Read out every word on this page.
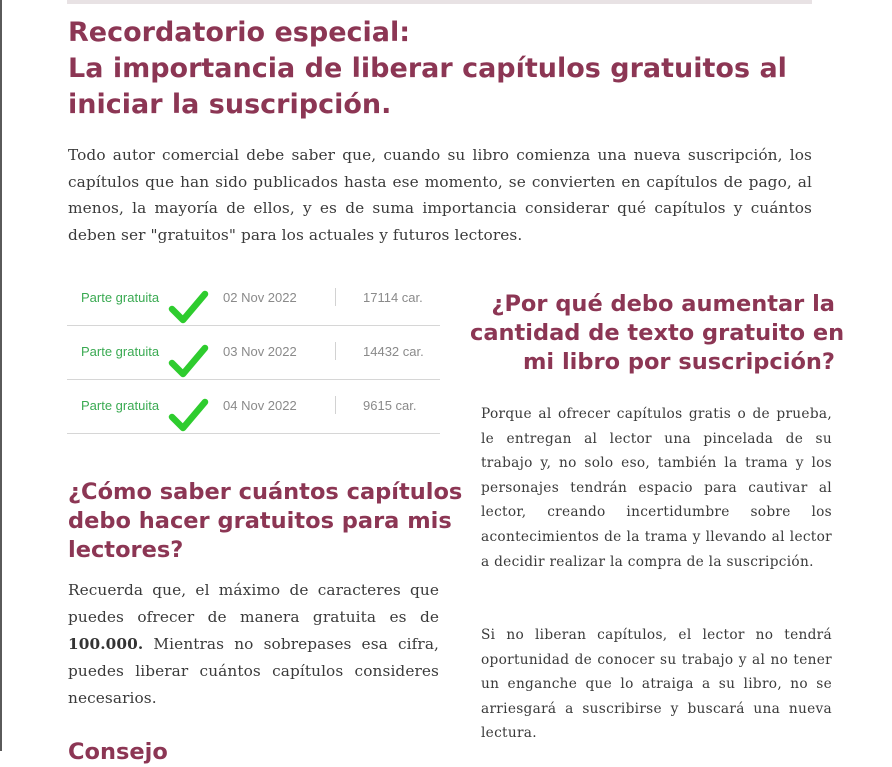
Recordatorio especial:
La importancia de liberar capítulos gratuitos al
iniciar la suscripción.

Todo autor comercial debe saber que, cuando su libro comienza una nueva suscripción, los capítulos que han sido publicados hasta ese momento, se convierten en capítulos de pago, al menos, la mayoría de ellos, y es de suma importancia considerar qué capítulos y cuántos deben ser "gratuitos" para los actuales y futuros lectores.

Parte gratuita	02 Nov 2022	17114 car.
Parte gratuita	03 Nov 2022	14432 car.
Parte gratuita	04 Nov 2022	9615 car.
¿Cómo saber cuántos capítulos
debo hacer gratuitos para mis
lectores?

Recuerda que, el máximo de caracteres que puedes ofrecer de manera gratuita es de 100.000. Mientras no sobrepases esa cifra, puedes liberar cuántos capítulos consideres necesarios.

¿Por qué debo aumentar la
cantidad de texto gratuito en
mi libro por suscripción?

Porque al ofrecer capítulos gratis o de prueba, le entregan al lector una pincelada de su trabajo y, no solo eso, también la trama y los personajes tendrán espacio para cautivar al lector, creando incertidumbre sobre los acontecimientos de la trama y llevando al lector a decidir realizar la compra de la suscripción.

Si no liberan capítulos, el lector no tendrá oportunidad de conocer su trabajo y al no tener un enganche que lo atraiga a su libro, no se arriesgará a suscribirse y buscará una nueva lectura.

Consejo
